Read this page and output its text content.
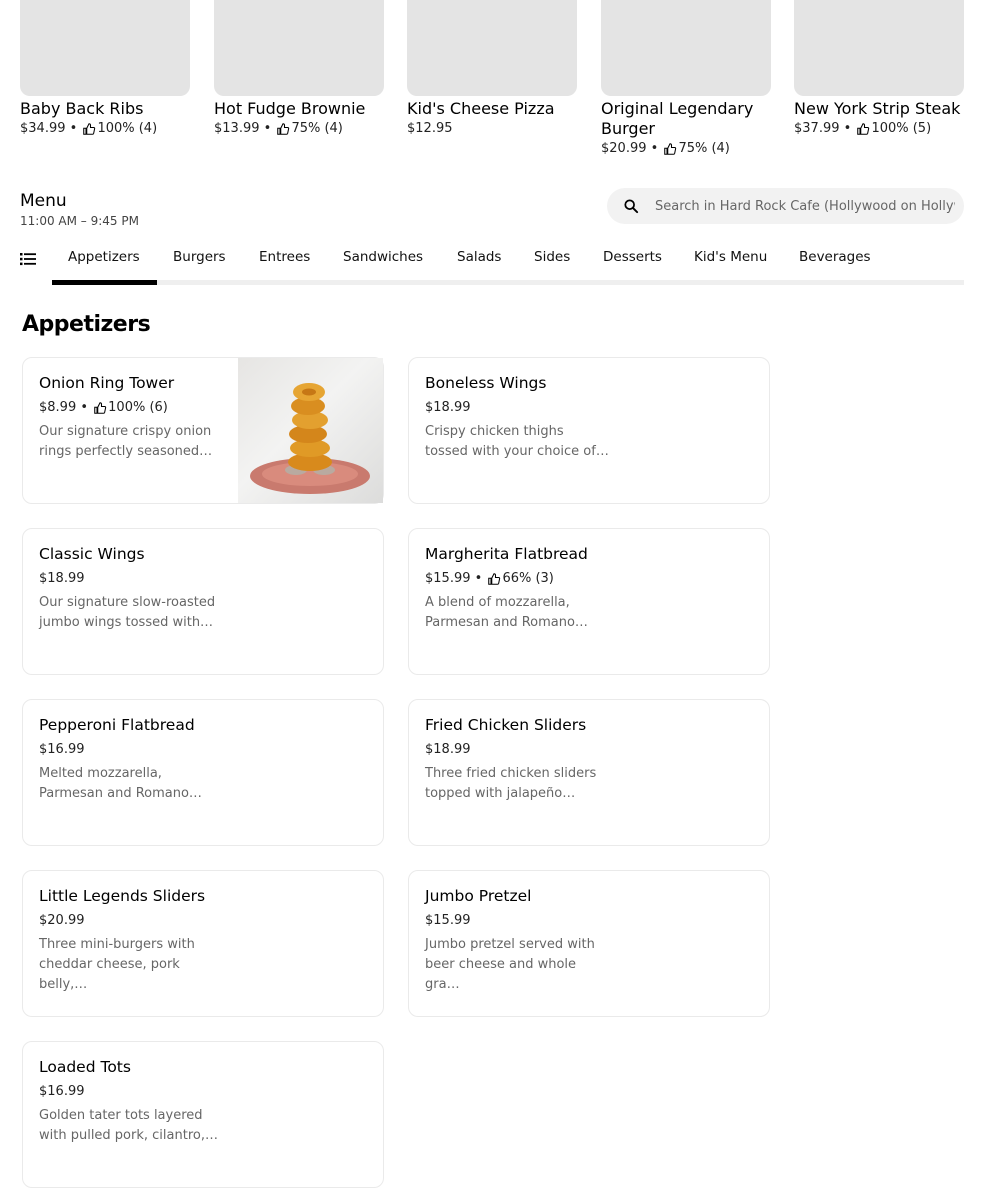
Baby Back Ribs
$34.99 • 100% (4)
Hot Fudge Brownie
$13.99 • 75% (4)
Kid's Cheese Pizza
$12.95
Original Legendary Burger
$20.99 • 75% (4)
New York Strip Steak
$37.99 • 100% (5)
Menu
11:00 AM – 9:45 PM
Search in Hard Rock Cafe (Hollywood on Hollywood Blvd)
Appetizers Burgers Entrees Sandwiches	Salads Sides Desserts Kid's Menu Beverages
Appetizers
Onion Ring Tower
$8.99 • 100% (6)
Our signature crispy onion rings perfectly seasoned…
Boneless Wings
$18.99
Crispy chicken thighs tossed with your choice of…
Classic Wings
$18.99
Our signature slow-roasted jumbo wings tossed with…
Margherita Flatbread
$15.99 • 66% (3)
A blend of mozzarella, Parmesan and Romano…
Pepperoni Flatbread
$16.99
Melted mozzarella, Parmesan and Romano…
Fried Chicken Sliders
$18.99
Three fried chicken sliders topped with jalapeño…
Little Legends Sliders
$20.99
Three mini-burgers with cheddar cheese, pork belly,…
Jumbo Pretzel
$15.99
Jumbo pretzel served with beer cheese and whole gra…
Loaded Tots
$16.99
Golden tater tots layered with pulled pork, cilantro,…
